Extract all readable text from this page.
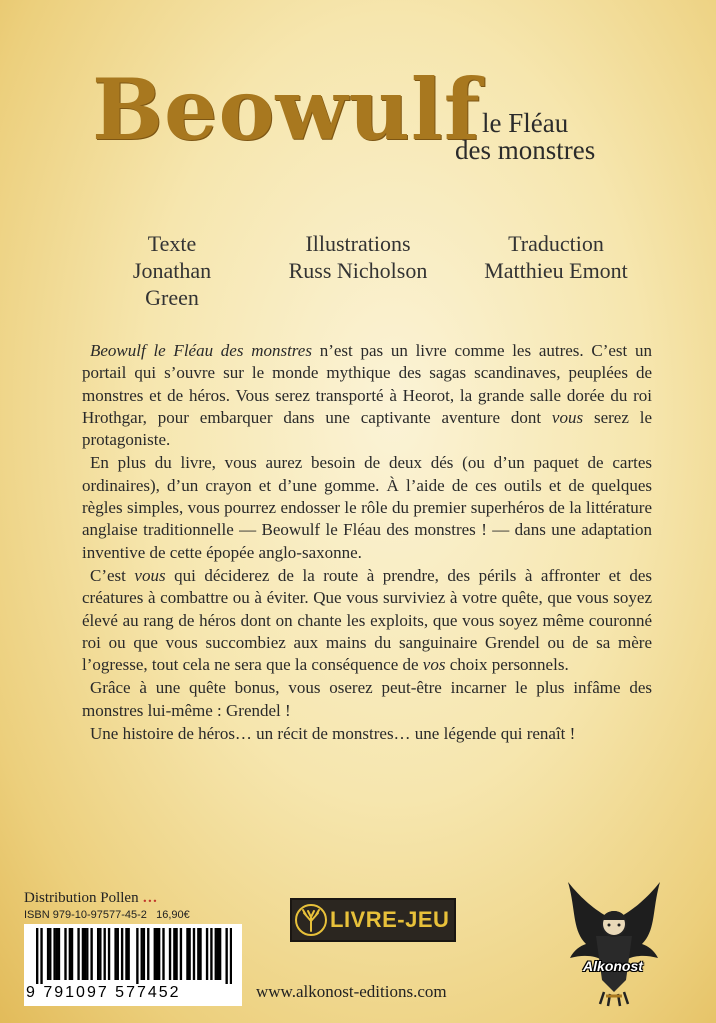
Beowulf le Fléau
des monstres
Texte
Jonathan Green
Illustrations
Russ Nicholson
Traduction
Matthieu Emont

Beowulf le Fléau des monstres n’est pas un livre comme les autres. C’est un portail qui s’ouvre sur le monde mythique des sagas scandinaves, peuplées de monstres et de héros. Vous serez transporté à Heorot, la grande salle dorée du roi Hrothgar, pour embarquer dans une captivante aventure dont vous serez le protagoniste.

En plus du livre, vous aurez besoin de deux dés (ou d’un paquet de cartes ordinaires), d’un crayon et d’une gomme. À l’aide de ces outils et de quelques règles simples, vous pourrez endosser le rôle du premier superhéros de la littérature anglaise traditionnelle — Beowulf le Fléau des monstres ! — dans une adaptation inventive de cette épopée anglo-saxonne.

C’est vous qui déciderez de la route à prendre, des périls à affronter et des créatures à combattre ou à éviter. Que vous surviviez à votre quête, que vous soyez élevé au rang de héros dont on chante les exploits, que vous soyez même couronné roi ou que vous succombiez aux mains du sanguinaire Grendel ou de sa mère l’ogresse, tout cela ne sera que la conséquence de vos choix personnels.

Grâce à une quête bonus, vous oserez peut-être incarner le plus infâme des monstres lui-même : Grendel !

Une histoire de héros… un récit de monstres… une légende qui renaît !

Distribution Pollen …
ISBN 979-10-97577-45-2 16,90€
9 791097 577452
LIVRE-JEU
www.alkonost-editions.com
Alkonost
